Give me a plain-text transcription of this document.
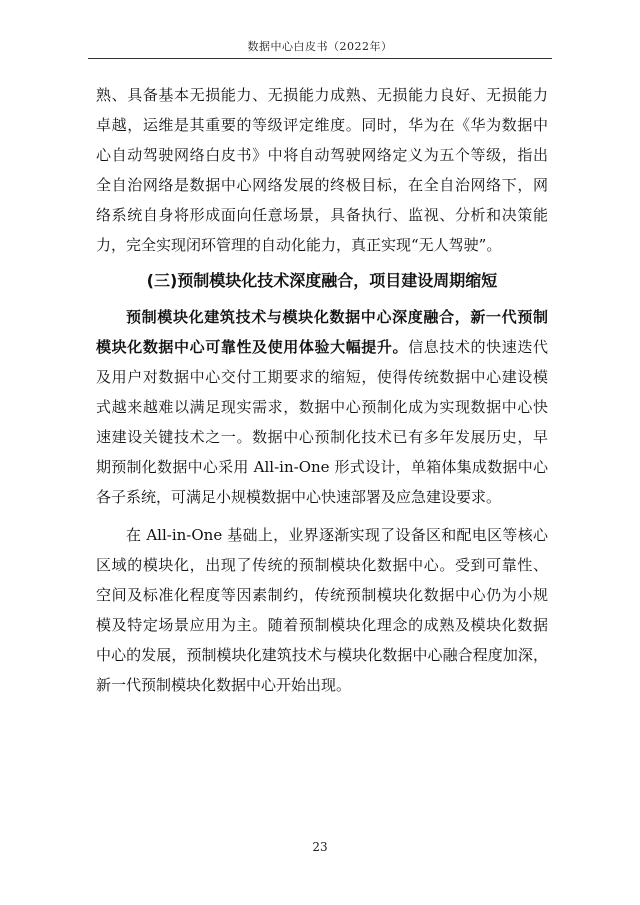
数据中心白皮书（2022年）
熟、具备基本无损能力、无损能力成熟、无损能力良好、无损能力
卓越，运维是其重要的等级评定维度。同时，华为在《华为数据中
心自动驾驶网络白皮书》中将自动驾驶网络定义为五个等级，指出
全自治网络是数据中心网络发展的终极目标，在全自治网络下，网
络系统自身将形成面向任意场景，具备执行、监视、分析和决策能
力，完全实现闭环管理的自动化能力，真正实现“无人驾驶”。
(三)预制模块化技术深度融合，项目建设周期缩短
预制模块化建筑技术与模块化数据中心深度融合，新一代预制
模块化数据中心可靠性及使用体验大幅提升。信息技术的快速迭代
及用户对数据中心交付工期要求的缩短，使得传统数据中心建设模
式越来越难以满足现实需求，数据中心预制化成为实现数据中心快
速建设关键技术之一。数据中心预制化技术已有多年发展历史，早
期预制化数据中心采用 All-in-One 形式设计，单箱体集成数据中心
各子系统，可满足小规模数据中心快速部署及应急建设要求。
在 All-in-One 基础上，业界逐渐实现了设备区和配电区等核心
区域的模块化，出现了传统的预制模块化数据中心。受到可靠性、
空间及标准化程度等因素制约，传统预制模块化数据中心仍为小规
模及特定场景应用为主。随着预制模块化理念的成熟及模块化数据
中心的发展，预制模块化建筑技术与模块化数据中心融合程度加深，
新一代预制模块化数据中心开始出现。
23
